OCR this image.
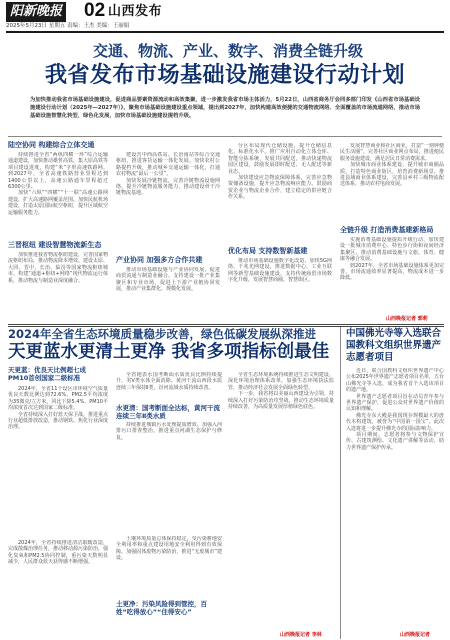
阳新晚报 02 山西发布
2025年5月23日 星期五 责编：王杰 美编：王丽娟
交通、物流、产业、数字、消费全链升级
我省发布市场基础设施建设行动计划
为加快推动我省市场基础设施建设，促进商品要素资源流动和高效集聚，进一步激发我省市场主体活力，5月22日，山西省商务厅会同多部门印发《山西省市场基础设施建设行动计划（2025年—2027年）》，聚焦市场基础设施建设重点领域，提出到2027年，加快构建高效便捷的交通物流网络、全面覆盖的市场流通网络，推动市场基础设施智慧化转型、绿色化发展，加快市场基础设施建设提档升级。
陆空协同 构建综合立体交通

持续推进全省“两纵四横一环”综合运输通道建设，加快推动雄忻高铁、集大原高铁等项目建设进度，构建“米”字形高速铁路网。到2027年，全省高速铁路营业里程达到1400公里以上，高速公路通车里程超过6300公里。

加快“六纵”“四横”“十一联”高速公路网建设，扩大高速路网覆盖范围。加快民航机场建设，打造太原国际航空枢纽，提升区域航空运输服务能力。

三晋枢纽 建设智慧物流新生态

加快推进我省物流枢纽建设，完善国家物流枢纽布局，推动物流降本增效。建设太原、大同、晋中、长治、临汾等国家物流枢纽城市，构建“通道+枢纽+网络”现代物流运行体系，推动物流与制造业深度融合。

建设晋中西高铁站、长治南站等综合交通枢纽，推进客货运输一体化发展。加快农村公路提档升级，推动城乡交通运输一体化，打通农村物流“最后一公里”。

加快发展冷链物流，完善冷链物流设施网络，提升冷链物流服务能力，推动建设骨干冷链物流基地。

产业协同 加强多方合作共建

推动市场基础设施与产业协同发展，促进商贸流通与制造业融合。支持建设一批产业集聚区和专业市场，促进上下游产业链协同发展，推动产业集群化、规模化发展。

分区布局现代仓储设施，提升仓储信息化、标准化水平。推广应用自动化立体仓库、智能分拣系统，发展共同配送，推动快递物流园区建设，鼓励发展即时配送、无人配送等新业态。

加快建设应急物流保障体系，完善应急物资储备设施，提升应急物流响应能力。鼓励商贸企业与物流企业合作，建立稳定的供应链合作关系。

优化布局 支持数智新基建

推动市场基础设施数字化改造，加快5G网络、千兆光网建设，推进数据中心、工业互联网等新型基础设施建设，支持传统商贸市场数字化升级，发展智慧商圈、智慧街区。

发展智慧商业和社区商业，打造“一刻钟便民生活圈”，完善社区商业网点布局，推进便民服务设施建设，满足居民日常消费需求。

加快城市商业体系建设，提升城市商圈品质，打造特色商业街区，培育消费新场景。推进县域商业体系建设，完善县乡村三级物流配送体系，推动农村电商发展。

全链升级 打造消费基建新格局

实施消费基础设施提质升级行动，加快建设一批城市消费中心、特色步行街和夜间经济集聚区，推动消费基础设施与文旅、体育、健康等融合发展。

到2027年，全省市场基础设施体系更加完善，市场流通效率显著提高，物流成本进一步降低。

山西晚报记者 郭莉
2024年全省生态环境质量稳步改善，绿色低碳发展纵深推进
天更蓝水更清土更净 我省多项指标创最佳
天更蓝：优良天比例超七成 PM10首创国家二级标准

2024年，全省11个设区市环境空气质量优良天数比例达到72.6%，PM2.5平均浓度为35微克/立方米，同比下降5.4%，PM10平均浓度首次达到国家二级标准。

全省持续深入打好蓝天保卫战，推进重点行业超低排放改造，推动钢铁、焦化行业深度治理。

2024年，全省持续推进清洁取暖改造，完成散煤治理任务，推动移动源污染防治，强化臭氧和PM2.5协同控制，重污染天数明显减少，人民群众蓝天获得感不断增强。

水更清：国考断面全达标，黄河干流连续三年Ⅱ类水质

全省地表水国考断面水质优良比例持续提升，劣Ⅴ类水体全面消除。黄河干流山西段水质连续三年保持Ⅱ类，汾河流域水质持续改善。

持续推进城镇污水处理提质增效，加强入河排污口排查整治，推进重点河湖生态保护与修复。

土更净：污染风险得到管控，百姓“吃得放心”“住得安心”

土壤环境质量总体保持稳定，受污染耕地安全利用率和重点建设用地安全利用得到有效保障。加强固体废物污染防治，推进“无废城市”建设。

全省生态环境系统持续推进生态文明建设，深化环境治理体系改革，加强生态环境执法监管，推动经济社会发展全面绿色转型。

下一步，我省将以美丽山西建设为引领，持续深入打好污染防治攻坚战，推动生态环境质量持续改善，为高质量发展厚植绿色底色。

山西晚报记者 李林
中国佛光寺等入选联合国教科文组织世界遗产志愿者项目

近日，联合国教科文组织世界遗产中心公布2025年世界遗产志愿者项目名单，五台山佛光寺等入选，成为我省首个入选该项目的遗产地。

世界遗产志愿者项目旨在动员青年参与世界遗产保护，促进公众对世界遗产价值的认知和理解。

佛光寺东大殿是我国现存规模最大的唐代木构建筑，被誉为“中国第一国宝”。此次入选将进一步提升佛光寺的国际影响力。

项目期间，志愿者将参与文物保护宣传、古建筑测绘、文化遗产讲解等活动，助力世界遗产保护传承。

山西晚报记者
